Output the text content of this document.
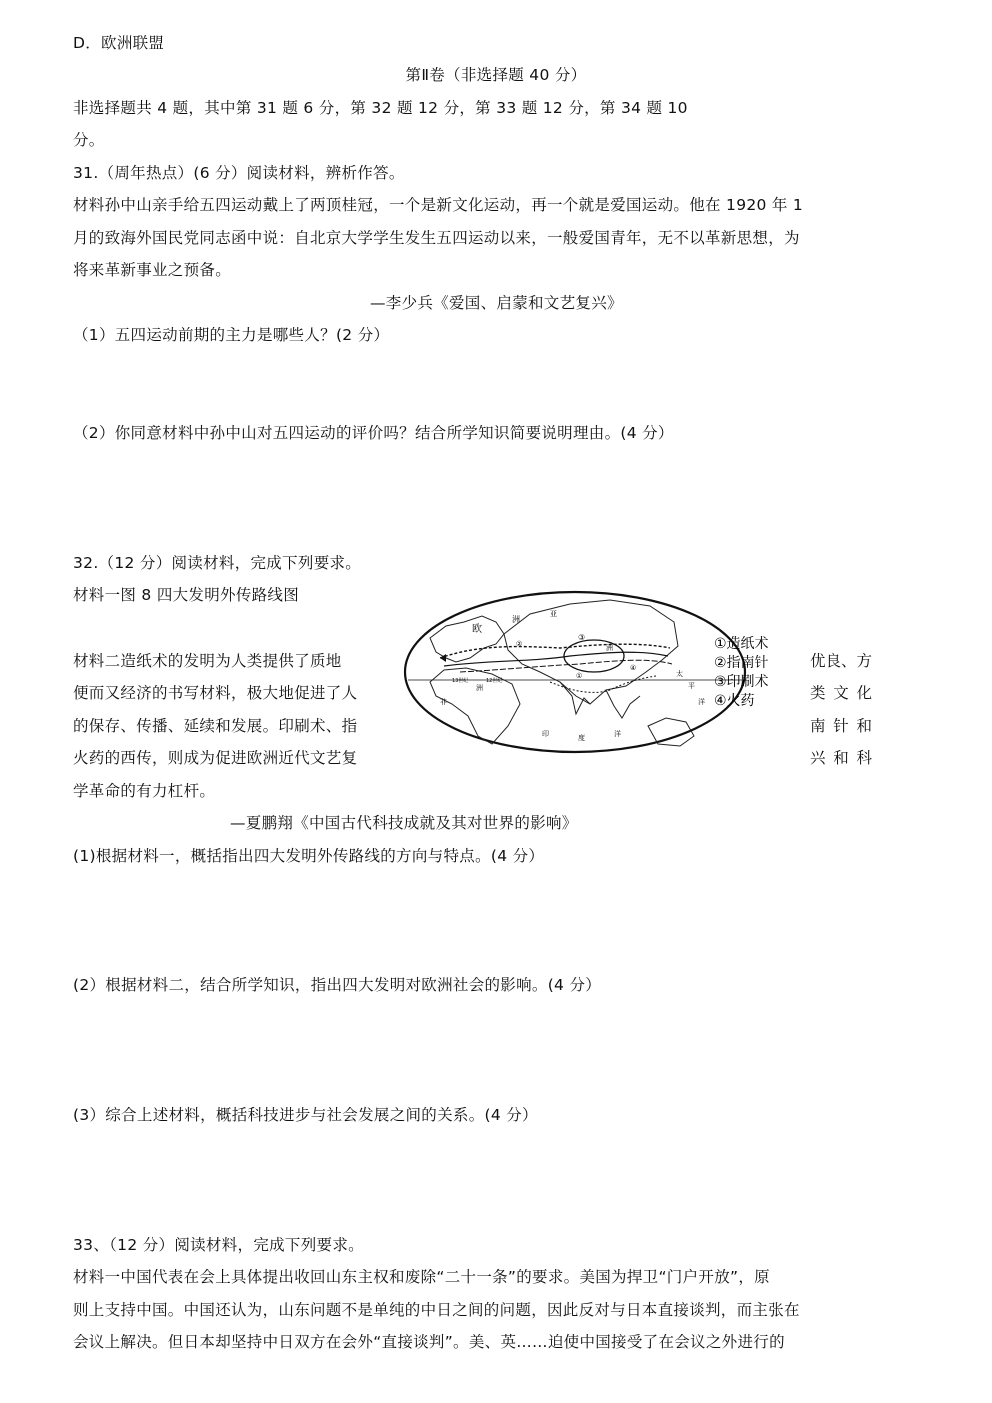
D．欧洲联盟
第Ⅱ卷（非选择题 40 分）
非选择题共 4 题，其中第 31 题 6 分，第 32 题 12 分，第 33 题 12 分，第 34 题 10
分。
31.（周年热点）(6 分）阅读材料，辨析作答。
材料孙中山亲手给五四运动戴上了两顶桂冠，一个是新文化运动，再一个就是爱国运动。他在 1920 年 1
月的致海外国民党同志函中说：自北京大学学生发生五四运动以来，一般爱国青年，无不以革新思想，为
将来革新事业之预备。
—李少兵《爱国、启蒙和文艺复兴》
（1）五四运动前期的主力是哪些人？(2 分）
（2）你同意材料中孙中山对五四运动的评价吗？结合所学知识简要说明理由。(4 分）
32.（12 分）阅读材料，完成下列要求。
材料一图 8 四大发明外传路线图
材料二造纸术的发明为人类提供了质地
便而又经济的书写材料，极大地促进了人
的保存、传播、延续和发展。印刷术、指
火药的西传，则成为促进欧洲近代文艺复
学革命的有力杠杆。
优良、方
类 文 化
南 针 和
兴 和 科
欧
洲
亚
洲
非
洲
太
平
洋
印	度	洋
③
②
①
④
13世纪	12世纪
①造纸术
②指南针
③印刷术
④火药
—夏鹏翔《中国古代科技成就及其对世界的影响》
(1)根据材料一，概括指出四大发明外传路线的方向与特点。(4 分）
(2）根据材料二，结合所学知识，指出四大发明对欧洲社会的影响。(4 分）
(3）综合上述材料，概括科技进步与社会发展之间的关系。(4 分）
33、（12 分）阅读材料，完成下列要求。
材料一中国代表在会上具体提出收回山东主权和废除“二十一条”的要求。美国为捍卫“门户开放”，原
则上支持中国。中国还认为，山东问题不是单纯的中日之间的问题，因此反对与日本直接谈判，而主张在
会议上解决。但日本却坚持中日双方在会外“直接谈判”。美、英……迫使中国接受了在会议之外进行的
